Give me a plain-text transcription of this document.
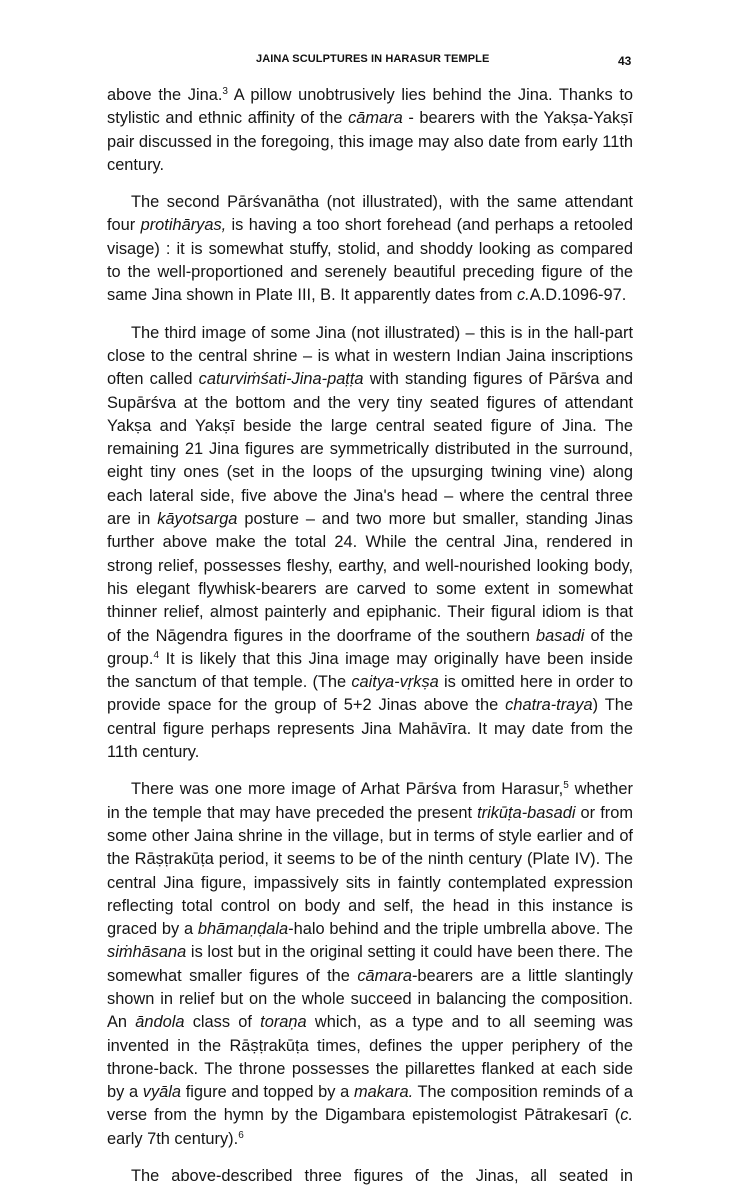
JAINA SCULPTURES IN HARASUR TEMPLE	43

above the Jina.$^3$ A pillow unobtrusively lies behind the Jina. Thanks to stylistic and ethnic affinity of the cāmara - bearers with the Yakṣa-Yakṣī pair discussed in the foregoing, this image may also date from early 11th century.

The second Pārśvanātha (not illustrated), with the same attendant four protihāryas, is having a too short forehead (and perhaps a retooled visage) : it is somewhat stuffy, stolid, and shoddy looking as compared to the well-proportioned and serenely beautiful preceding figure of the same Jina shown in Plate III, B. It apparently dates from c.A.D.1096-97.

The third image of some Jina (not illustrated) – this is in the hall-part close to the central shrine – is what in western Indian Jaina inscriptions often called caturviṁśati-Jina-paṭṭa with standing figures of Pārśva and Supārśva at the bottom and the very tiny seated figures of attendant Yakṣa and Yakṣī beside the large central seated figure of Jina. The remaining 21 Jina figures are symmetrically distributed in the surround, eight tiny ones (set in the loops of the upsurging twining vine) along each lateral side, five above the Jina's head – where the central three are in kāyotsarga posture – and two more but smaller, standing Jinas further above make the total 24. While the central Jina, rendered in strong relief, possesses fleshy, earthy, and well-nourished looking body, his elegant flywhisk-bearers are carved to some extent in somewhat thinner relief, almost painterly and epiphanic. Their figural idiom is that of the Nāgendra figures in the doorframe of the southern basadi of the group.$^4$ It is likely that this Jina image may originally have been inside the sanctum of that temple. (The caitya-vṛkṣa is omitted here in order to provide space for the group of 5+2 Jinas above the chatra-traya) The central figure perhaps represents Jina Mahāvīra. It may date from the 11th century.

There was one more image of Arhat Pārśva from Harasur,$^5$ whether in the temple that may have preceded the present trikūṭa-basadi or from some other Jaina shrine in the village, but in terms of style earlier and of the Rāṣṭrakūṭa period, it seems to be of the ninth century (Plate IV). The central Jina figure, impassively sits in faintly contemplated expression reflecting total control on body and self, the head in this instance is graced by a bhāmaṇḍala-halo behind and the triple umbrella above. The siṁhāsana is lost but in the original setting it could have been there. The somewhat smaller figures of the cāmara-bearers are a little slantingly shown in relief but on the whole succeed in balancing the composition. An āndola class of toraṇa which, as a type and to all seeming was invented in the Rāṣṭrakūṭa times, defines the upper periphery of the throne-back. The throne possesses the pillarettes flanked at each side by a vyāla figure and topped by a makara. The composition reminds of a verse from the hymn by the Digambara epistemologist Pātrakesarī (c. early 7th century).$^6$

The above-described three figures of the Jinas, all seated in
